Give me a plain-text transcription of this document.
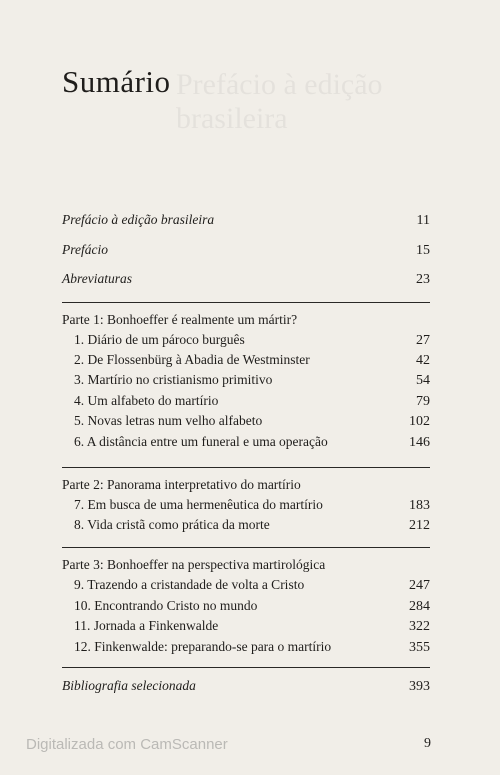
Prefácio à edição brasileira
Sumário
Prefácio à edição brasileira	11
Prefácio	15
Abreviaturas	23
Parte 1: Bonhoeffer é realmente um mártir?
1. Diário de um pároco burguês	27
2. De Flossenbürg à Abadia de Westminster	42
3. Martírio no cristianismo primitivo	54
4. Um alfabeto do martírio	79
5. Novas letras num velho alfabeto	102
6. A distância entre um funeral e uma operação	146
Parte 2: Panorama interpretativo do martírio
7. Em busca de uma hermenêutica do martírio	183
8. Vida cristã como prática da morte	212
Parte 3: Bonhoeffer na perspectiva martirológica
9. Trazendo a cristandade de volta a Cristo	247
10. Encontrando Cristo no mundo	284
11. Jornada a Finkenwalde	322
12. Finkenwalde: preparando-se para o martírio	355
Bibliografia selecionada	393
Digitalizada com CamScanner	9
